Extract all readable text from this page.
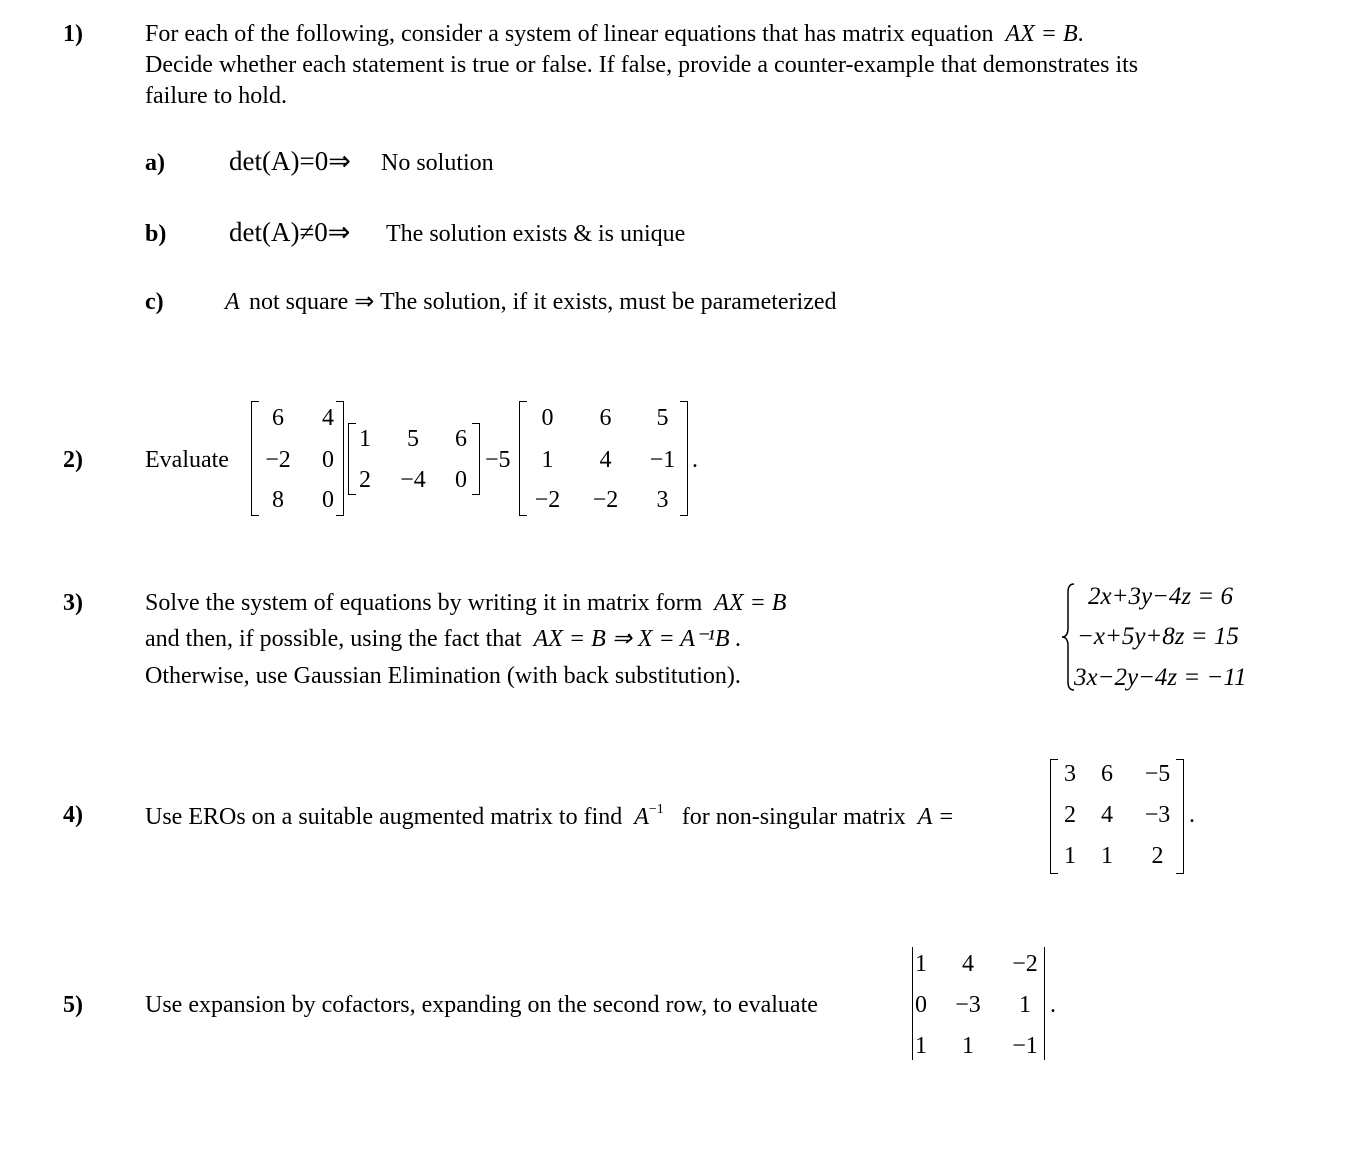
1)	For each of the following, consider a system of linear equations that has matrix equation AX = B.
Decide whether each statement is true or false. If false, provide a counter-example that demonstrates its
failure to hold.
a) det(A)=0⇒ No solution
b) det(A)≠0⇒ The solution exists & is unique
c)	A not square ⇒ The solution, if it exists, must be parameterized
2)	Evaluate
6	4
−2	0
8	0
1	5	6
2	−4	0
−5
0	6	5
1	4	−1
−2	−2	3
.
3)	Solve the system of equations by writing it in matrix form AX = B
and then, if possible, using the fact that AX = B ⇒ X = A⁻¹B .
Otherwise, use Gaussian Elimination (with back substitution).
2x+3y−4z = 6
−x+5y+8z = 15
3x−2y−4z = −11
4)	Use EROs on a suitable augmented matrix to find $A^{-1}$ for non-singular matrix A =
3	6	−5
2	4	−3
1	1	2
.
5)	Use expansion by cofactors, expanding on the second row, to evaluate
1	4	−2
0 −3	1
1	1	−1
.
